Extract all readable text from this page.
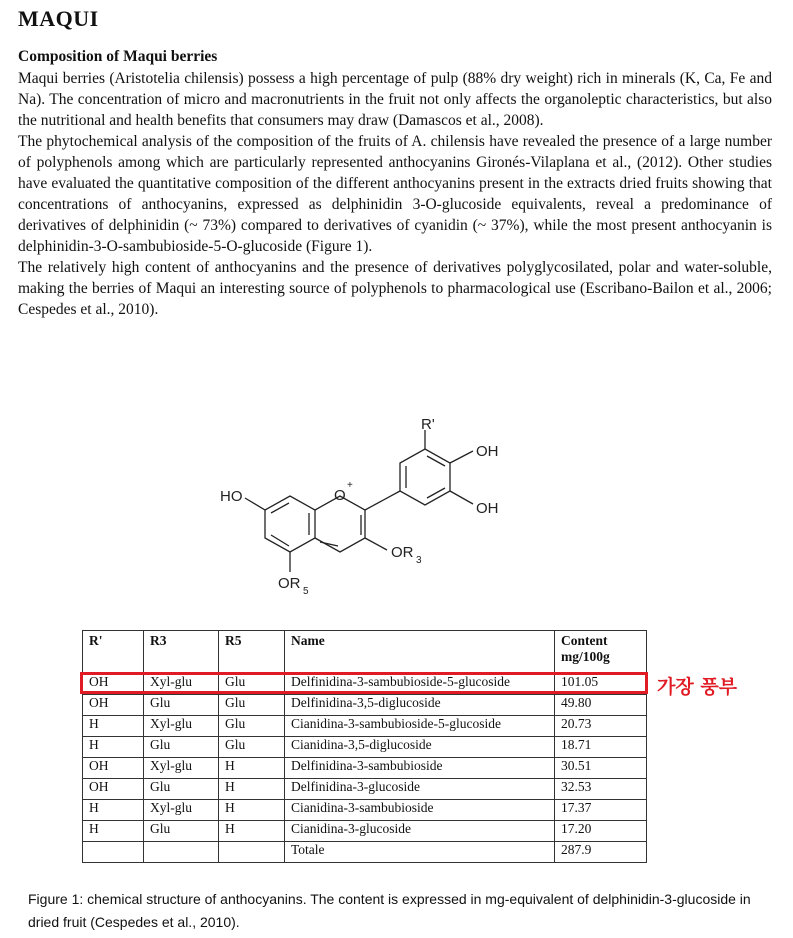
MAQUI
Composition of Maqui berries

Maqui berries (Aristotelia chilensis) possess a high percentage of pulp (88% dry weight) rich in minerals (K, Ca, Fe and Na). The concentration of micro and macronutrients in the fruit not only affects the organoleptic characteristics, but also the nutritional and health benefits that consumers may draw (Damascos et al., 2008).

The phytochemical analysis of the composition of the fruits of A. chilensis have revealed the presence of a large number of polyphenols among which are particularly represented anthocyanins Gironés-Vilaplana et al., (2012). Other studies have evaluated the quantitative composition of the different anthocyanins present in the extracts dried fruits showing that concentrations of anthocyanins, expressed as delphinidin 3-O-glucoside equivalents, reveal a predominance of derivatives of delphinidin (~ 73%) compared to derivatives of cyanidin (~ 37%), while the most present anthocyanin is delphinidin-3-O-sambubioside-5-O-glucoside (Figure 1).

The relatively high content of anthocyanins and the presence of derivatives polyglycosilated, polar and water-soluble, making the berries of Maqui an interesting source of polyphenols to pharmacological use (Escribano-Bailon et al., 2006; Cespedes et al., 2010).

R'
OH
OH
HO	O
+
OR 3
OR 5
R'	R3	R5	Name	Content mg/100g
OH	Xyl-glu	Glu	Delfinidina-3-sambubioside-5-glucoside	101.05
OH	Glu	Glu	Delfinidina-3,5-diglucoside	49.80
H	Xyl-glu	Glu	Cianidina-3-sambubioside-5-glucoside	20.73
H	Glu	Glu	Cianidina-3,5-diglucoside	18.71
OH	Xyl-glu	H	Delfinidina-3-sambubioside	30.51
OH	Glu	H	Delfinidina-3-glucoside	32.53
H	Xyl-glu	H	Cianidina-3-sambubioside	17.37
H	Glu	H	Cianidina-3-glucoside	17.20
			Totale	287.9
가장 풍부
Figure 1: chemical structure of anthocyanins. The content is expressed in mg-equivalent of delphinidin-3-glucoside in dried fruit (Cespedes et al., 2010).
